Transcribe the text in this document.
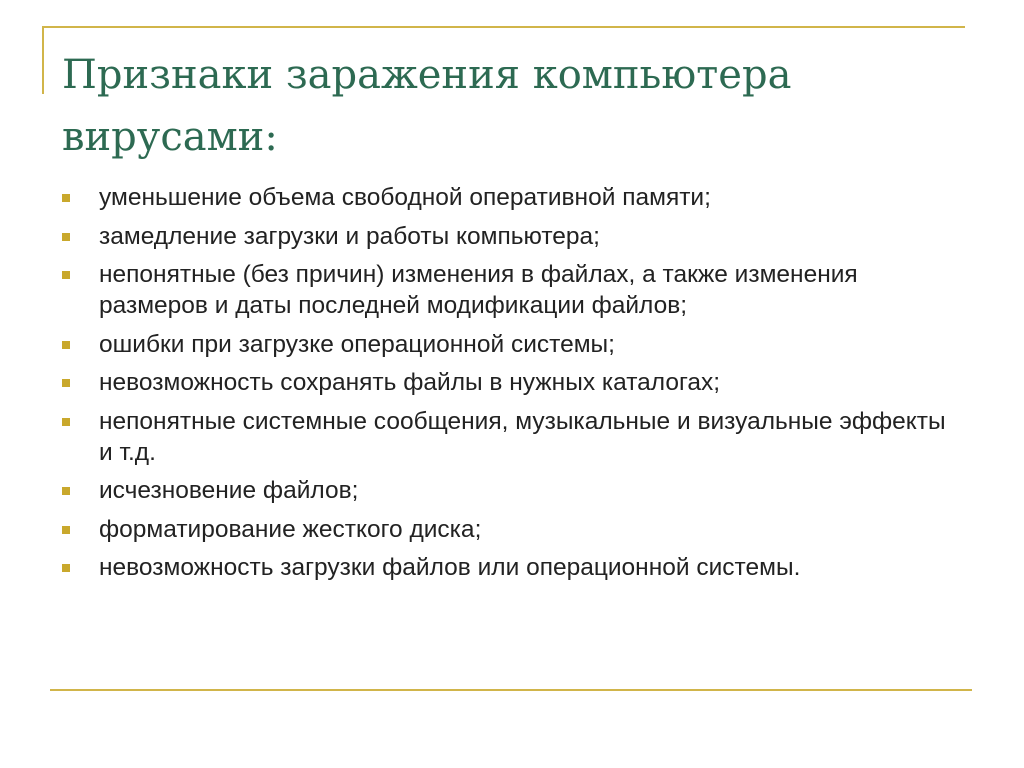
Признаки заражения компьютера вирусами:
уменьшение объема свободной оперативной памяти;
замедление загрузки и работы компьютера;
непонятные (без причин) изменения в файлах, а также изменения размеров и даты последней модификации файлов;
ошибки при загрузке операционной системы;
невозможность сохранять файлы в нужных каталогах;
непонятные системные сообщения, музыкальные и визуальные эффекты и т.д.
исчезновение файлов;
форматирование жесткого диска;
невозможность загрузки файлов или операционной системы.
